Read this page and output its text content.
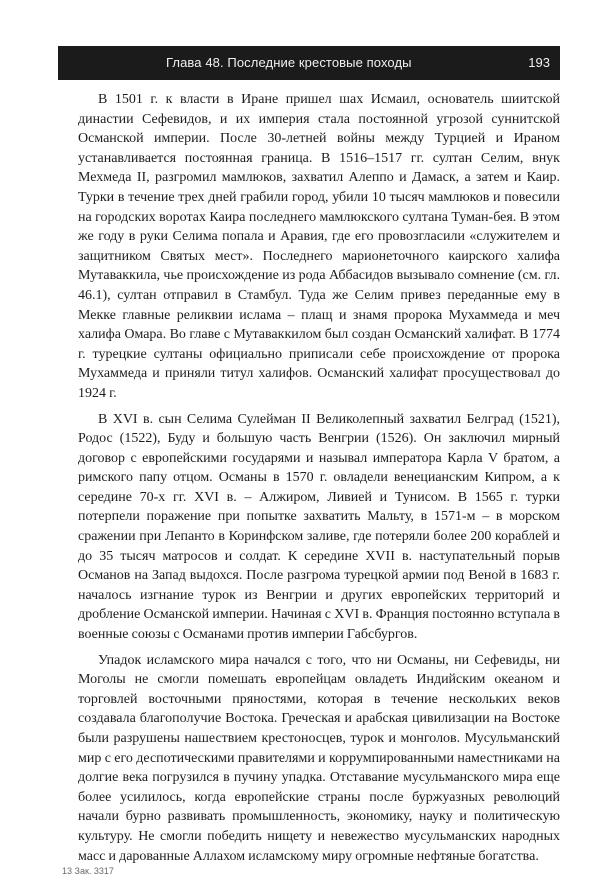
Глава 48. Последние крестовые походы	193

В 1501 г. к власти в Иране пришел шах Исмаил, основатель шиитской династии Сефевидов, и их империя стала постоянной угрозой суннитской Османской империи. После 30-летней войны между Турцией и Ираном устанавливается постоянная граница. В 1516–1517 гг. султан Селим, внук Мехмеда II, разгромил мамлюков, захватил Алеппо и Дамаск, а затем и Каир. Турки в течение трех дней грабили город, убили 10 тысяч мамлюков и повесили на городских воротах Каира последнего мамлюкского султана Туман-бея. В этом же году в руки Селима попала и Аравия, где его провозгласили «служителем и защитником Святых мест». Последнего марионеточного каирского халифа Мутаваккила, чье происхождение из рода Аббасидов вызывало сомнение (см. гл. 46.1), султан отправил в Стамбул. Туда же Селим привез переданные ему в Мекке главные реликвии ислама – плащ и знамя пророка Мухаммеда и меч халифа Омара. Во главе с Мутаваккилом был создан Османский халифат. В 1774 г. турецкие султаны официально приписали себе происхождение от пророка Мухаммеда и приняли титул халифов. Османский халифат просуществовал до 1924 г.

В XVI в. сын Селима Сулейман II Великолепный захватил Белград (1521), Родос (1522), Буду и большую часть Венгрии (1526). Он заключил мирный договор с европейскими государями и называл императора Карла V братом, а римского папу отцом. Османы в 1570 г. овладели венецианским Кипром, а к середине 70-х гг. XVI в. – Алжиром, Ливией и Тунисом. В 1565 г. турки потерпели поражение при попытке захватить Мальту, в 1571-м – в морском сражении при Лепанто в Коринфском заливе, где потеряли более 200 кораблей и до 35 тысяч матросов и солдат. К середине XVII в. наступательный порыв Османов на Запад выдохся. После разгрома турецкой армии под Веной в 1683 г. началось изгнание турок из Венгрии и других европейских территорий и дробление Османской империи. Начиная с XVI в. Франция постоянно вступала в военные союзы с Османами против империи Габсбургов.

Упадок исламского мира начался с того, что ни Османы, ни Сефевиды, ни Моголы не смогли помешать европейцам овладеть Индийским океаном и торговлей восточными пряностями, которая в течение нескольких веков создавала благополучие Востока. Греческая и арабская цивилизации на Востоке были разрушены нашествием крестоносцев, турок и монголов. Мусульманский мир с его деспотическими правителями и коррумпированными наместниками на долгие века погрузился в пучину упадка. Отставание мусульманского мира еще более усилилось, когда европейские страны после буржуазных революций начали бурно развивать промышленность, экономику, науку и политическую культуру. Не смогли победить нищету и невежество мусульманских народных масс и дарованные Аллахом исламскому миру огромные нефтяные богатства.

13 Зак. 3317
